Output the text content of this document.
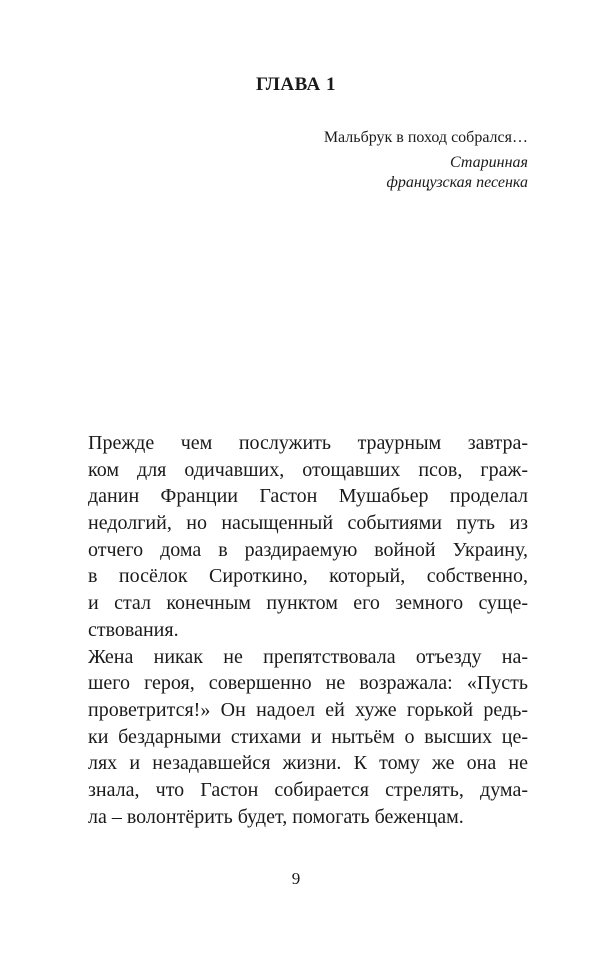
ГЛАВА 1
Мальбрук в поход собрался…
Старинная
французская песенка
Прежде чем послужить траурным завтра-
ком для одичавших, отощавших псов, граж-
данин Франции Гастон Мушабьер проделал
недолгий, но насыщенный событиями путь из
отчего дома в раздираемую войной Украину,
в посёлок Сироткино, который, собственно,
и стал конечным пунктом его земного суще-
ствования.
Жена никак не препятствовала отъезду на-
шего героя, совершенно не возражала: «Пусть
проветрится!» Он надоел ей хуже горькой редь-
ки бездарными стихами и нытьём о высших це-
лях и незадавшейся жизни. К тому же она не
знала, что Гастон собирается стрелять, дума-
ла – волонтёрить будет, помогать беженцам.
9
